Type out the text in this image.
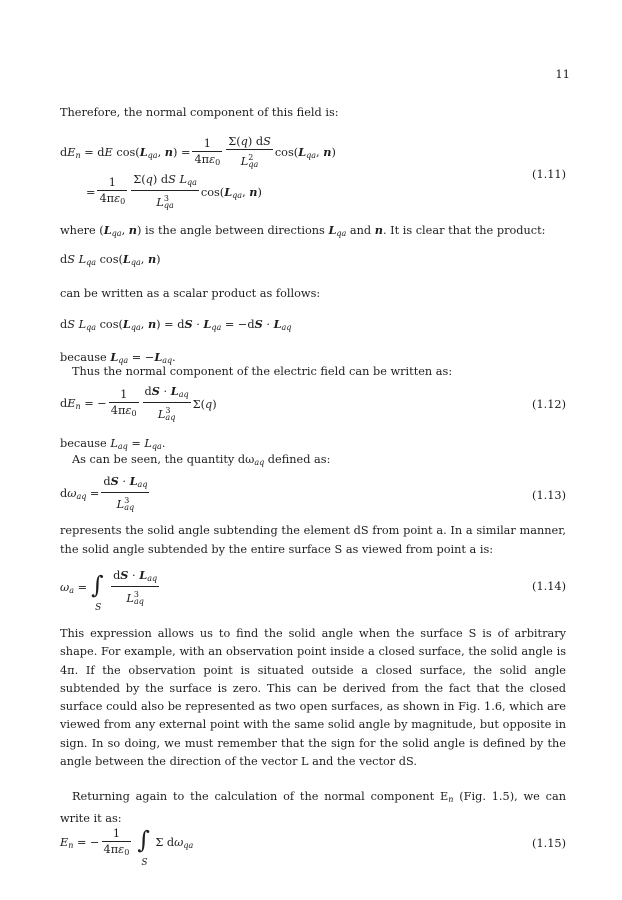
11
Therefore, the normal component of this field is:
$dE_n$ = dE $\cos(L_{qa}$, $n) = \frac{1}{4\pi\varepsilon_0} \frac{\Sigma(q) dS}{L^2_{qa}} \cos(L_{qa}$, n)
= $\frac{1}{4\pi\varepsilon_0} \frac{\Sigma(q) dS L_{qa}}{L^3_{qa}} \cos(L_{qa}$, n)
(1.11)
where ($L_{qa}$, n) is the angle between directions $L_{qa}$ and n. It is clear that the product:
dS $L_{qa}$ $\cos(L_{qa}$, n)
can be written as a scalar product as follows:
dS $L_{qa}$ $\cos(L_{qa}$, n) = dS · $L_{qa} = -dS \cdot L_{aq}$
because $L_{qa} = -L_{aq}$.
Thus the normal component of the electric field can be written as:
$dE_n$ = − $\frac{1}{4\pi\varepsilon_0} \frac{dS \cdot L_{aq}}{L^3_{aq}} \Sigma(q)$	(1.12)
because $L_{aq} = L_{qa}$.
As can be seen, the quantity $d\omega_{aq}$ defined as:
$d\omega_{aq} = \frac{dS \cdot L_{aq}}{L^3_{aq}}$	(1.13)
represents the solid angle subtending the element dS from point a. In a similar manner, the solid angle subtended by the entire surface S as viewed from point a is:
$\omega_a$ = ∫
S $\frac{dS \cdot L_{aq}}{L^3_{aq}}$	(1.14)
This expression allows us to find the solid angle when the surface S is of arbitrary shape. For example, with an observation point inside a closed surface, the solid angle is 4π. If the observation point is situated outside a closed surface, the solid angle subtended by the surface is zero. This can be derived from the fact that the closed surface could also be represented as two open surfaces, as shown in Fig. 1.6, which are viewed from any external point with the same solid angle by magnitude, but opposite in sign. In so doing, we must remember that the sign for the solid angle is defined by the angle between the direction of the vector L and the vector dS.
Returning again to the calculation of the normal component $E_n$ (Fig. 1.5), we can write it as:
$E_n$ = − $\frac{1}{4\pi\varepsilon_0}$ ∫
S
Σ $d\omega_{qa}$	(1.15)
